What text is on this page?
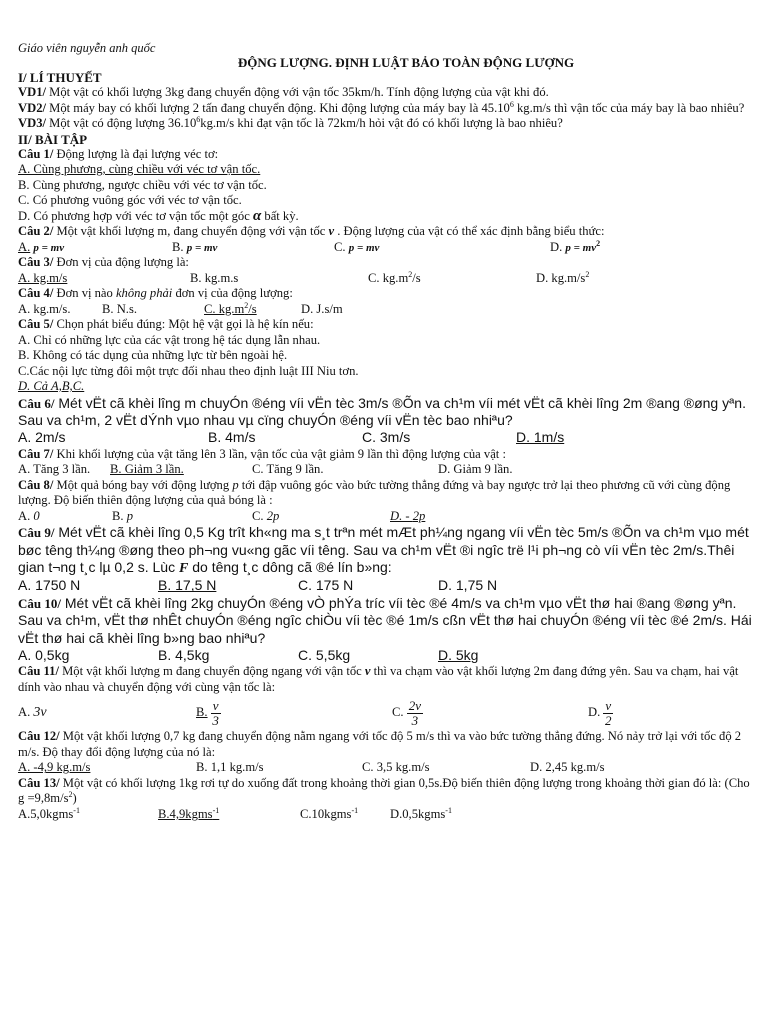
Giáo viên nguyễn anh quốc
ĐỘNG LƯỢNG. ĐỊNH LUẬT BẢO TOÀN ĐỘNG LƯỢNG
I/ LÍ THUYẾT
VD1/ Một vật có khối lượng 3kg đang chuyển động với vận tốc 35km/h. Tính động lượng của vật khi đó.
VD2/ Một máy bay có khối lượng 2 tấn đang chuyển động. Khi động lượng của máy bay là 45.10$^6$ kg.m/s thì vận tốc của máy bay là bao nhiêu?
VD3/ Một vật có động lượng 36.10$^6$kg.m/s khi đạt vận tốc là 72km/h hỏi vật đó có khối lượng là bao nhiêu?
II/ BÀI TẬP
Câu 1/ Động lượng là đại lượng véc tơ:
A. Cùng phương, cùng chiều với véc tơ vận tốc.
B. Cùng phương, ngược chiều với véc tơ vận tốc.
C. Có phương vuông góc với véc tơ vận tốc.
D. Có phương hợp với véc tơ vận tốc một góc α bất kỳ.
Câu 2/ Một vật khối lượng m, đang chuyển động với vận tốc ν . Động lượng của vật có thể xác định bằng biểu thức:
A. p = mv	B. p = mv	C. p = mv	D. $p = mv^2$
Câu 3/ Đơn vị của động lượng là:
A. kg.m/s	B. kg.m.s	C. $kg.m^2/s$	D. $kg.m/s^2$
Câu 4/ Đơn vị nào không phải đơn vị của động lượng:
A. kg.m/s.	B. N.s.	C. $kg.m^2/s$	D. J.s/m
Câu 5/ Chọn phát biểu đúng: Một hệ vật gọi là hệ kín nếu:
A. Chỉ có những lực của các vật trong hệ tác dụng lẫn nhau.
B. Không có tác dụng của những lực từ bên ngoài hệ.
C.Các nội lực từng đôi một trực đối nhau theo định luật III Niu tơn.
D. Cả A,B,C.
Câu 6/ Mét vËt cã khèi lîng m chuyÓn ®éng víi vËn tèc 3m/s ®Õn va ch¹m víi mét vËt cã khèi lîng 2m ®ang ®øng yªn. Sau va ch¹m, 2 vËt dÝnh vµo nhau vµ cïng chuyÓn ®éng víi vËn tèc bao nhiªu?
A. 2m/s	B. 4m/s	C. 3m/s	D. 1m/s
Câu 7/ Khi khối lượng của vật tăng lên 3 lần, vận tốc của vật giảm 9 lần thì động lượng của vật :
A. Tăng 3 lần. B. Giảm 3 lần.	C. Tăng 9 lần.	D. Giảm 9 lần.
Câu 8/ Một quả bóng bay với động lượng p tới đập vuông góc vào bức tường thẳng đứng và bay ngược trở lại theo phương cũ với cùng động lượng. Độ biến thiên động lượng của quả bóng là :
A. 0	B. p	C. 2p	D. - 2p
Câu 9/ Mét vËt cã khèi lîng 0,5 Kg trît kh«ng ma s¸t trªn mét mÆt ph¼ng ngang víi vËn tèc 5m/s ®Õn va ch¹m vµo mét bøc têng th¼ng ®øng theo ph¬ng vu«ng gãc víi têng. Sau va ch¹m vËt ®i ngîc trë l¹i ph¬ng cò víi vËn tèc 2m/s.Thêi gian t¬ng t¸c lµ 0,2 s. Lùc F do têng t¸c dông cã ®é lín b»ng:
A. 1750 N	B. 17,5 N	C. 175 N	D. 1,75 N
Câu 10/ Mét vËt cã khèi lîng 2kg chuyÓn ®éng vÒ phÝa tríc víi tèc ®é 4m/s va ch¹m vµo vËt thø hai ®ang ®øng yªn. Sau va ch¹m, vËt thø nhÊt chuyÓn ®éng ngîc chiÒu víi tèc ®é 1m/s cßn vËt thø hai chuyÓn ®éng víi tèc ®é 2m/s. Hái vËt thø hai cã khèi lîng b»ng bao nhiªu?
A. 0,5kg	B. 4,5kg	C. 5,5kg	D. 5kg
Câu 11/ Một vật khối lượng m đang chuyển động ngang với vận tốc ν thì va chạm vào vật khối lượng 2m đang đứng yên. Sau va chạm, hai vật dính vào nhau và chuyển động với cùng vận tốc là:
A. 3ν	B. $\frac{\nu}{3}$	C. $\frac{2\nu}{3}$	D. $\frac{\nu}{2}$
Câu 12/ Một vật khối lượng 0,7 kg đang chuyển động nằm ngang với tốc độ 5 m/s thì va vào bức tường thẳng đứng. Nó nảy trở lại với tốc độ 2 m/s. Độ thay đổi động lượng của nó là:
A. -4,9 kg.m/s	B. 1,1 kg.m/s	C. 3,5 kg.m/s	D. 2,45 kg.m/s
Câu 13/ Một vật có khối lượng 1kg rơi tự do xuống đất trong khoảng thời gian 0,5s.Độ biến thiên động lượng trong khoảng thời gian đó là: (Cho $g =9,8m/s^2$)
A.5,0kgms$^{-1}$	B.4,9kgms$^{-1}$	C.10kgms$^{-1}$	D.0,5kgms$^{-1}$
